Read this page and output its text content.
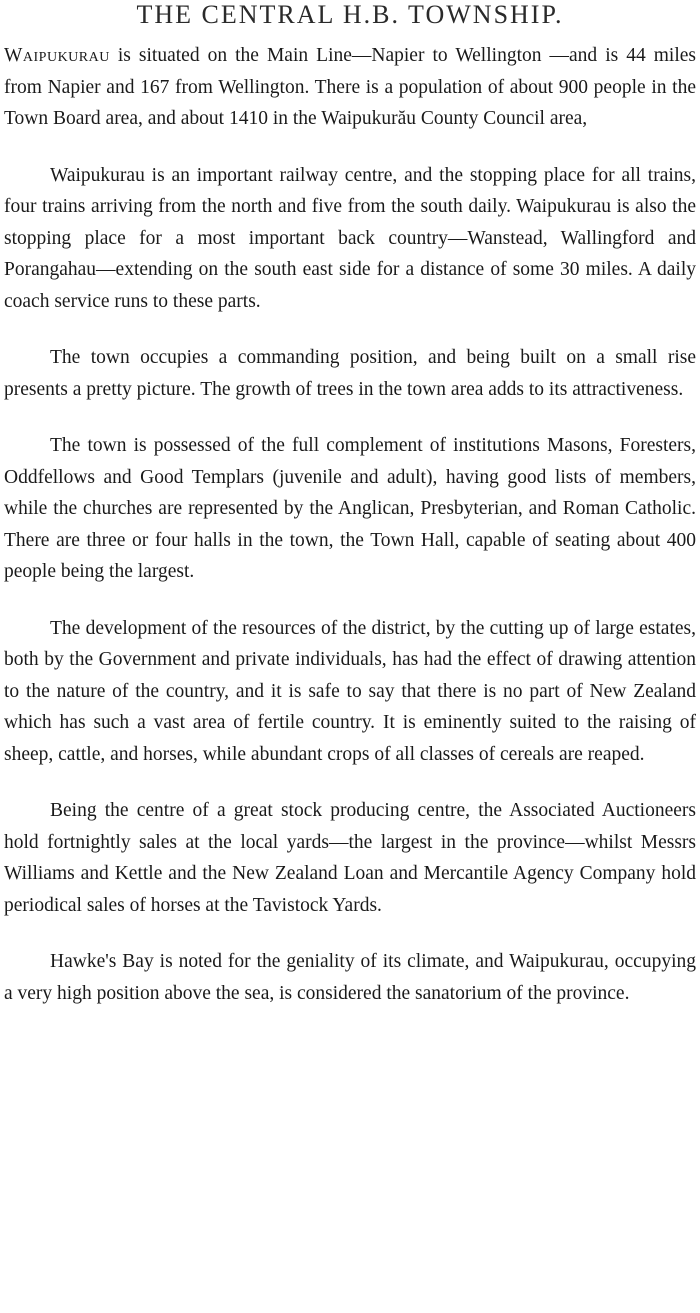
THE CENTRAL H.B. TOWNSHIP.

Waipukurau is situated on the Main Line—Napier to Wellington —and is 44 miles from Napier and 167 from Wellington. There is a population of about 900 people in the Town Board area, and about 1410 in the Waipukurău County Council area,

Waipukurau is an important railway centre, and the stopping place for all trains, four trains arriving from the north and five from the south daily. Waipukurau is also the stopping place for a most important back country—Wanstead, Wallingford and Porangahau—extending on the south east side for a distance of some 30 miles. A daily coach service runs to these parts.

The town occupies a commanding position, and being built on a small rise presents a pretty picture. The growth of trees in the town area adds to its attractiveness.

The town is possessed of the full complement of institutions Masons, Foresters, Oddfellows and Good Templars (juvenile and adult), having good lists of members, while the churches are represented by the Anglican, Presbyterian, and Roman Catholic. There are three or four halls in the town, the Town Hall, capable of seating about 400 people being the largest.

The development of the resources of the district, by the cutting up of large estates, both by the Government and private individuals, has had the effect of drawing attention to the nature of the country, and it is safe to say that there is no part of New Zealand which has such a vast area of fertile country. It is eminently suited to the raising of sheep, cattle, and horses, while abundant crops of all classes of cereals are reaped.

Being the centre of a great stock producing centre, the Associated Auctioneers hold fortnightly sales at the local yards—the largest in the province—whilst Messrs Williams and Kettle and the New Zealand Loan and Mercantile Agency Company hold periodical sales of horses at the Tavistock Yards.

Hawke's Bay is noted for the geniality of its climate, and Waipukurau, occupying a very high position above the sea, is considered the sanatorium of the province.
